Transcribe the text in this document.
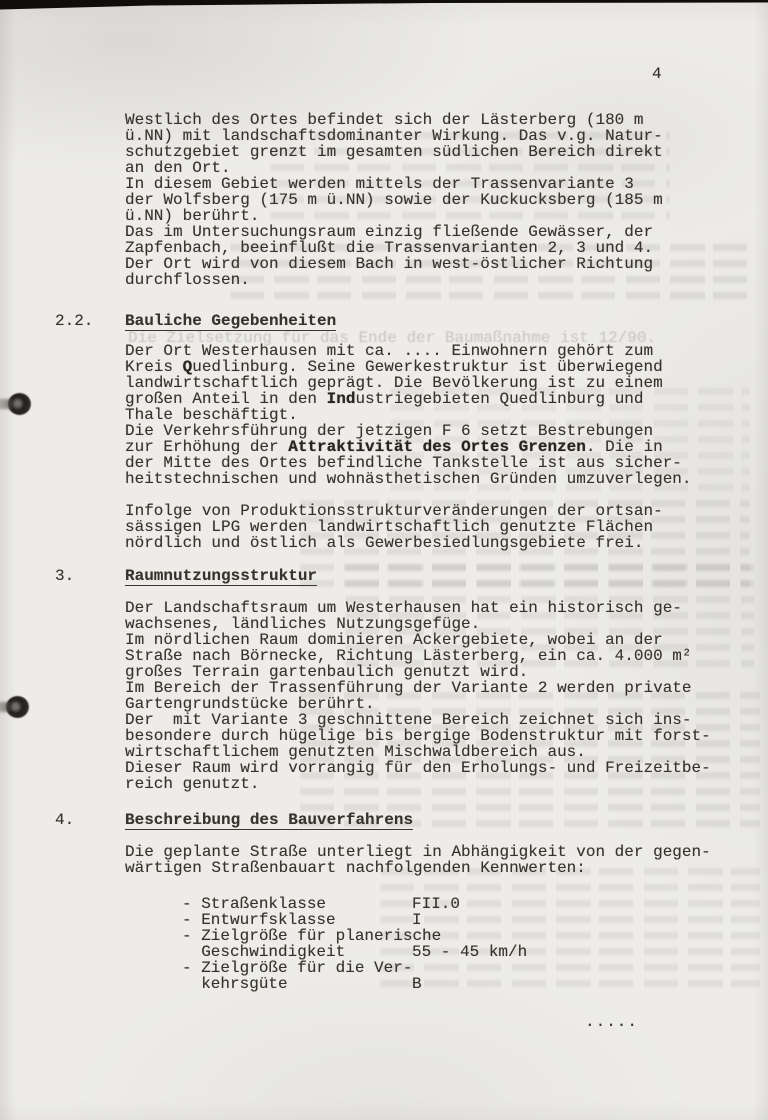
Die Zielsetzung für das Ende der Baumaßnahme ist 12/90.
4
Westlich des Ortes befindet sich der Lästerberg (180 m
ü.NN) mit landschaftsdominanter Wirkung. Das v.g. Natur-
schutzgebiet grenzt im gesamten südlichen Bereich direkt
an den Ort.
In diesem Gebiet werden mittels der Trassenvariante 3
der Wolfsberg (175 m ü.NN) sowie der Kuckucksberg (185 m
ü.NN) berührt.
Das im Untersuchungsraum einzig fließende Gewässer, der
Zapfenbach, beeinflußt die Trassenvarianten 2, 3 und 4.
Der Ort wird von diesem Bach in west-östlicher Richtung
durchflossen.
2.2. Bauliche Gegebenheiten
Der Ort Westerhausen mit ca. .... Einwohnern gehört zum
Kreis Quedlinburg. Seine Gewerkestruktur ist überwiegend
landwirtschaftlich geprägt. Die Bevölkerung ist zu einem
großen Anteil in den Industriegebieten Quedlinburg und
Thale beschäftigt.
Die Verkehrsführung der jetzigen F 6 setzt Bestrebungen
zur Erhöhung der Attraktivität des Ortes Grenzen. Die in
der Mitte des Ortes befindliche Tankstelle ist aus sicher-
heitstechnischen und wohnästhetischen Gründen umzuverlegen.
Infolge von Produktionsstrukturveränderungen der ortsan-
sässigen LPG werden landwirtschaftlich genutzte Flächen
nördlich und östlich als Gewerbesiedlungsgebiete frei.
3.	Raumnutzungsstruktur
Der Landschaftsraum um Westerhausen hat ein historisch ge-
wachsenes, ländliches Nutzungsgefüge.
Im nördlichen Raum dominieren Ackergebiete, wobei an der
Straße nach Börnecke, Richtung Lästerberg, ein ca. 4.000 m²
großes Terrain gartenbaulich genutzt wird.
Im Bereich der Trassenführung der Variante 2 werden private
Gartengrundstücke berührt.
Der  mit Variante 3 geschnittene Bereich zeichnet sich ins-
besondere durch hügelige bis bergige Bodenstruktur mit forst-
wirtschaftlichem genutzten Mischwaldbereich aus.
Dieser Raum wird vorrangig für den Erholungs- und Freizeitbe-
reich genutzt.
4.	Beschreibung des Bauverfahrens
Die geplante Straße unterliegt in Abhängigkeit von der gegen-
wärtigen Straßenbauart nachfolgenden Kennwerten:
- Straßenklasse	FII.0
- Entwurfsklasse	I
- Zielgröße für planerische
Geschwindigkeit	55 - 45 km/h
- Zielgröße für die Ver-
kehrsgüte	B
.....
